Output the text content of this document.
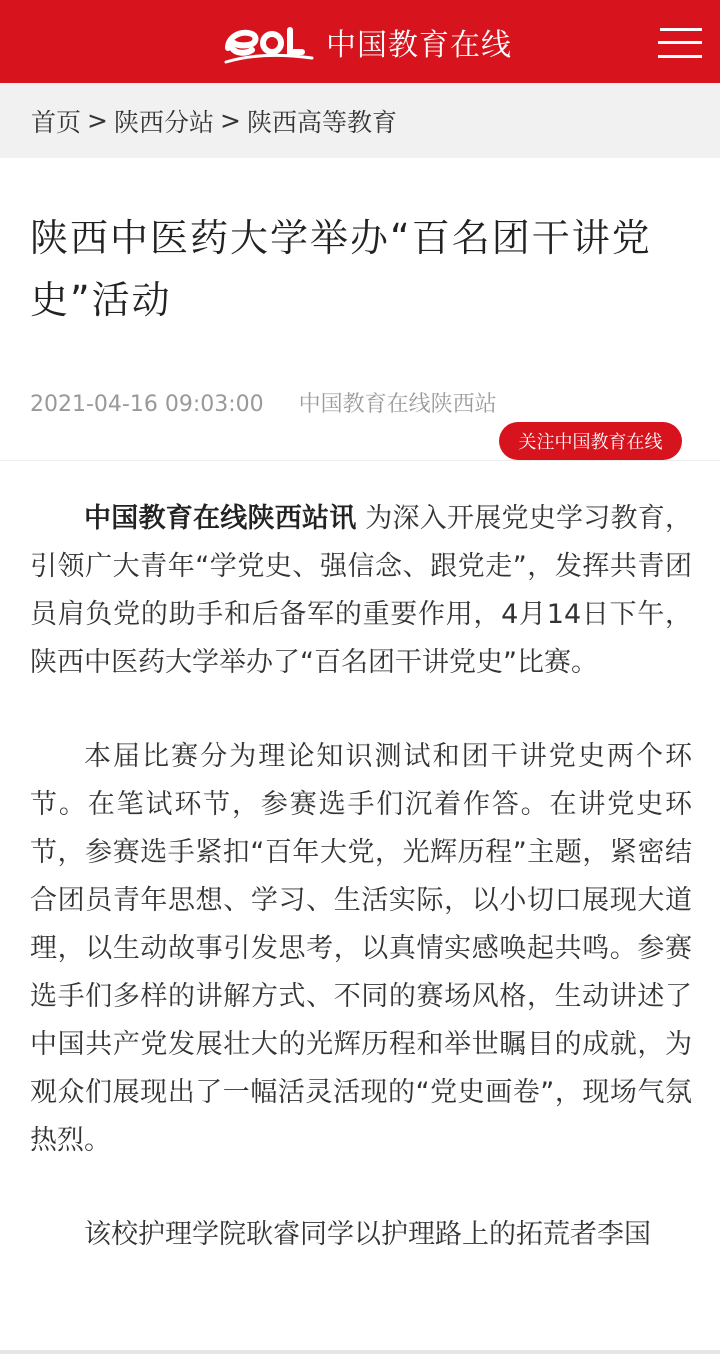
中国教育在线
首页 > 陕西分站 > 陕西高等教育
陕西中医药大学举办“百名团干讲党史”活动
2021-04-16 09:03:00 中国教育在线陕西站
关注中国教育在线

中国教育在线陕西站讯 为深入开展党史学习教育，引领广大青年“学党史、强信念、跟党走”，发挥共青团员肩负党的助手和后备军的重要作用，4月14日下午，陕西中医药大学举办了“百名团干讲党史”比赛。

本届比赛分为理论知识测试和团干讲党史两个环节。在笔试环节，参赛选手们沉着作答。在讲党史环节，参赛选手紧扣“百年大党，光辉历程”主题，紧密结合团员青年思想、学习、生活实际，以小切口展现大道理，以生动故事引发思考，以真情实感唤起共鸣。参赛选手们多样的讲解方式、不同的赛场风格，生动讲述了中国共产党发展壮大的光辉历程和举世瞩目的成就，为观众们展现出了一幅活灵活现的“党史画卷”，现场气氛热烈。

该校护理学院耿睿同学以护理路上的拓荒者李国
